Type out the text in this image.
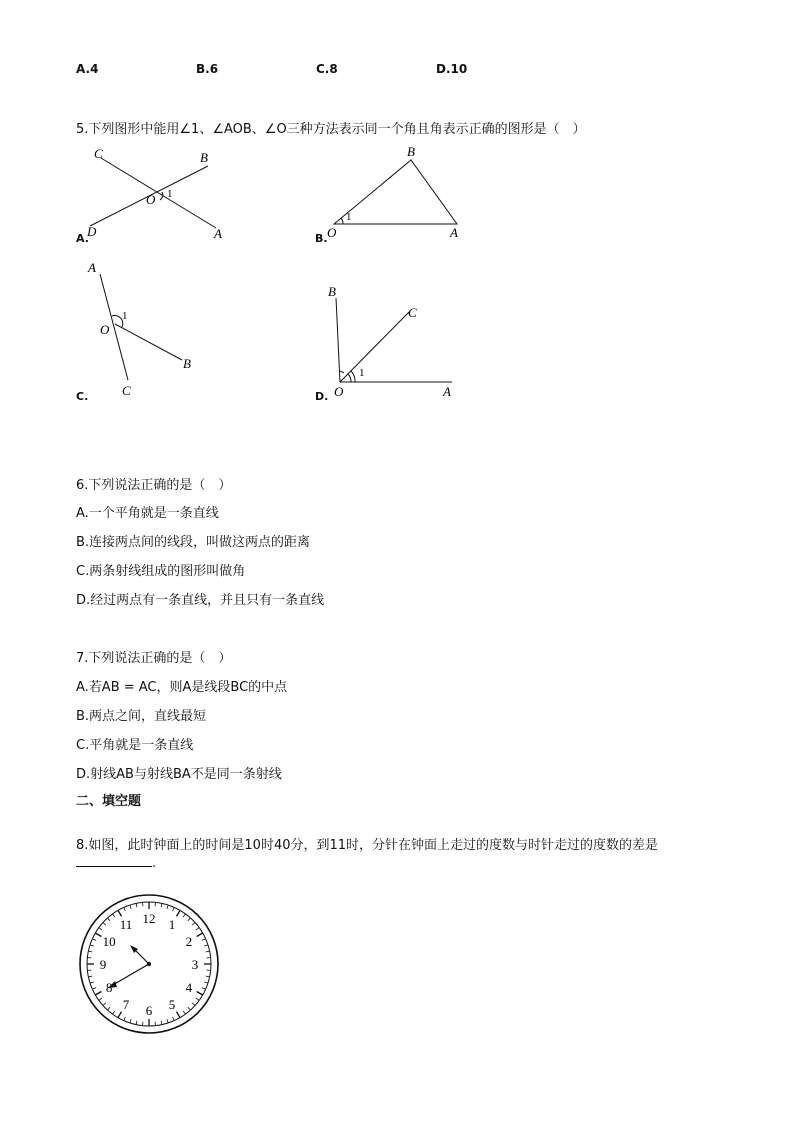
A.4	B.6	C.8	D.10
5.下列图形中能用∠1、∠AOB、∠O三种方法表示同一个角且角表示正确的图形是（　）
C	B
O 1
D	A
A.
B
O
1
A
B.
A
O
1
B
C
C.
B
C
O
1
A
D.
6.下列说法正确的是（　）
A.一个平角就是一条直线
B.连接两点间的线段，叫做这两点的距离
C.两条射线组成的图形叫做角
D.经过两点有一条直线，并且只有一条直线
7.下列说法正确的是（　）
A.若AB = AC，则A是线段BC的中点
B.两点之间，直线最短
C.平角就是一条直线
D.射线AB与射线BA不是同一条射线
二、填空题
8.如图，此时钟面上的时间是10时40分，到11时，分针在钟面上走过的度数与时针走过的度数的差是
.
12 1
2
3
4
5
6
7
8
9
10
11
